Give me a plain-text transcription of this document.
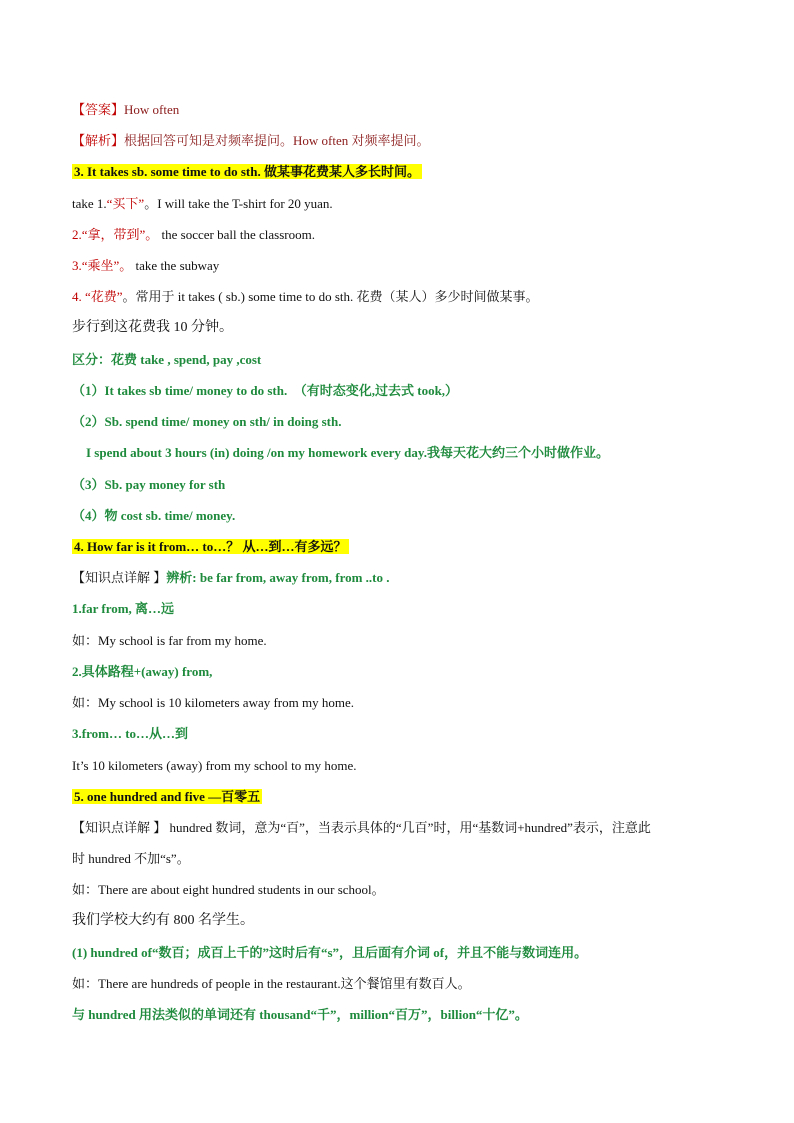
【答案】How often
【解析】根据回答可知是对频率提问。How often 对频率提问。
3. It takes sb. some time to do sth. 做某事花费某人多长时间。
take 1.“买下”。I will take the T-shirt for 20 yuan.
2.“拿，带到”。 the soccer ball the classroom.
3.“乘坐”。 take the subway
4. “花费”。常用于 it takes ( sb.) some time to do sth. 花费（某人）多少时间做某事。
步行到这花费我 10 分钟。
区分：花费 take , spend, pay ,cost
（1）It takes sb time/ money to do sth. （有时态变化,过去式 took,）
（2）Sb. spend time/ money on sth/ in doing sth.
I spend about 3 hours (in) doing /on my homework every day.我每天花大约三个小时做作业。
（3）Sb. pay money for sth
（4）物 cost sb. time/ money.
4. How far is it from… to…？ 从…到…有多远？
【知识点详解 】辨析: be far from, away from, from ..to .
1.far from, 离…远
如：My school is far from my home.
2.具体路程+(away) from,
如：My school is 10 kilometers away from my home.
3.from… to…从…到
It’s 10 kilometers (away) from my school to my home.
5. one hundred and five —百零五
【知识点详解 】 hundred 数词，意为“百”，当表示具体的“几百”时，用“基数词+hundred”表示，注意此
时 hundred 不加“s”。
如：There are about eight hundred students in our school。
我们学校大约有 800 名学生。
(1) hundred of“数百；成百上千的”这时后有“s”，且后面有介词 of，并且不能与数词连用。
如：There are hundreds of people in the restaurant.这个餐馆里有数百人。
与 hundred 用法类似的单词还有 thousand“千”，million“百万”，billion“十亿”。
